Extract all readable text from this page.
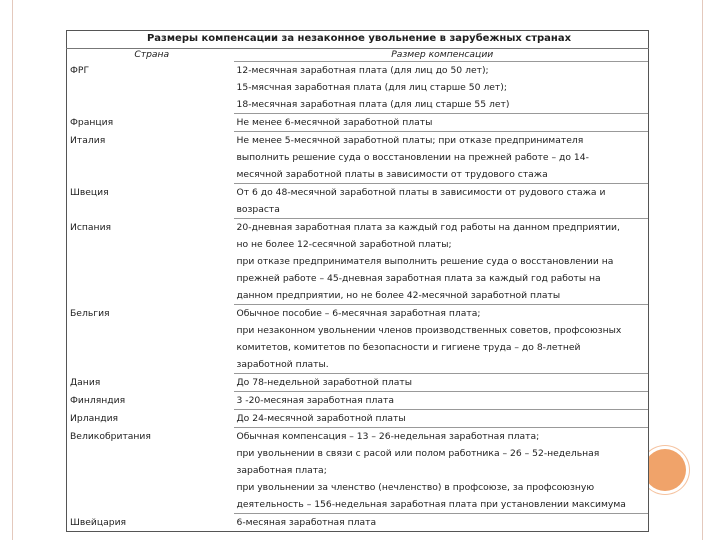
Размеры компенсации за незаконное увольнение в зарубежных странах	
Страна	Размер компенсации
ФРГ	12-месячная заработная плата (для лиц до 50 лет);
15-мясчная заработная плата (для лиц старше 50 лет);
18-месячная заработная плата (для лиц старше 55 лет)

Франция	Не менее 6-месячной заработной платы

Италия	Не менее 5-месячной заработной платы; при отказе предпринимателя
выполнить решение суда о восстановлении на прежней работе – до 14-
месячной заработной платы в зависимости от трудового стажа

Швеция	От 6 до 48-месячной заработной платы в зависимости от рудового стажа и
возраста

Испания	20-дневная заработная плата за каждый год работы на данном предприятии,
но не более 12-сесячной заработной платы;
при отказе предпринимателя выполнить решение суда о восстановлении на
прежней работе – 45-дневная заработная плата за каждый год работы на
данном предприятии, но не более 42-месячной заработной платы

Бельгия	Обычное пособие – 6-месячная заработная плата;
при незаконном увольнении членов производственных советов, профсоюзных
комитетов, комитетов по безопасности и гигиене труда – до 8-летней
заработной платы.

Дания	До 78-недельной заработной платы

Финляндия	3 -20-месяная заработная плата

Ирландия	До 24-месячной заработной платы

Великобритания	Обычная компенсация – 13 – 26-недельная заработная плата;
при увольнении в связи с расой или полом работника – 26 – 52-недельная
заработная плата;
при увольнении за членство (нечленство) в профсоюзе, за профсоюзную
деятельность – 156-недельная заработная плата при установлении максимума

Швейцария	6-месяная заработная плата
